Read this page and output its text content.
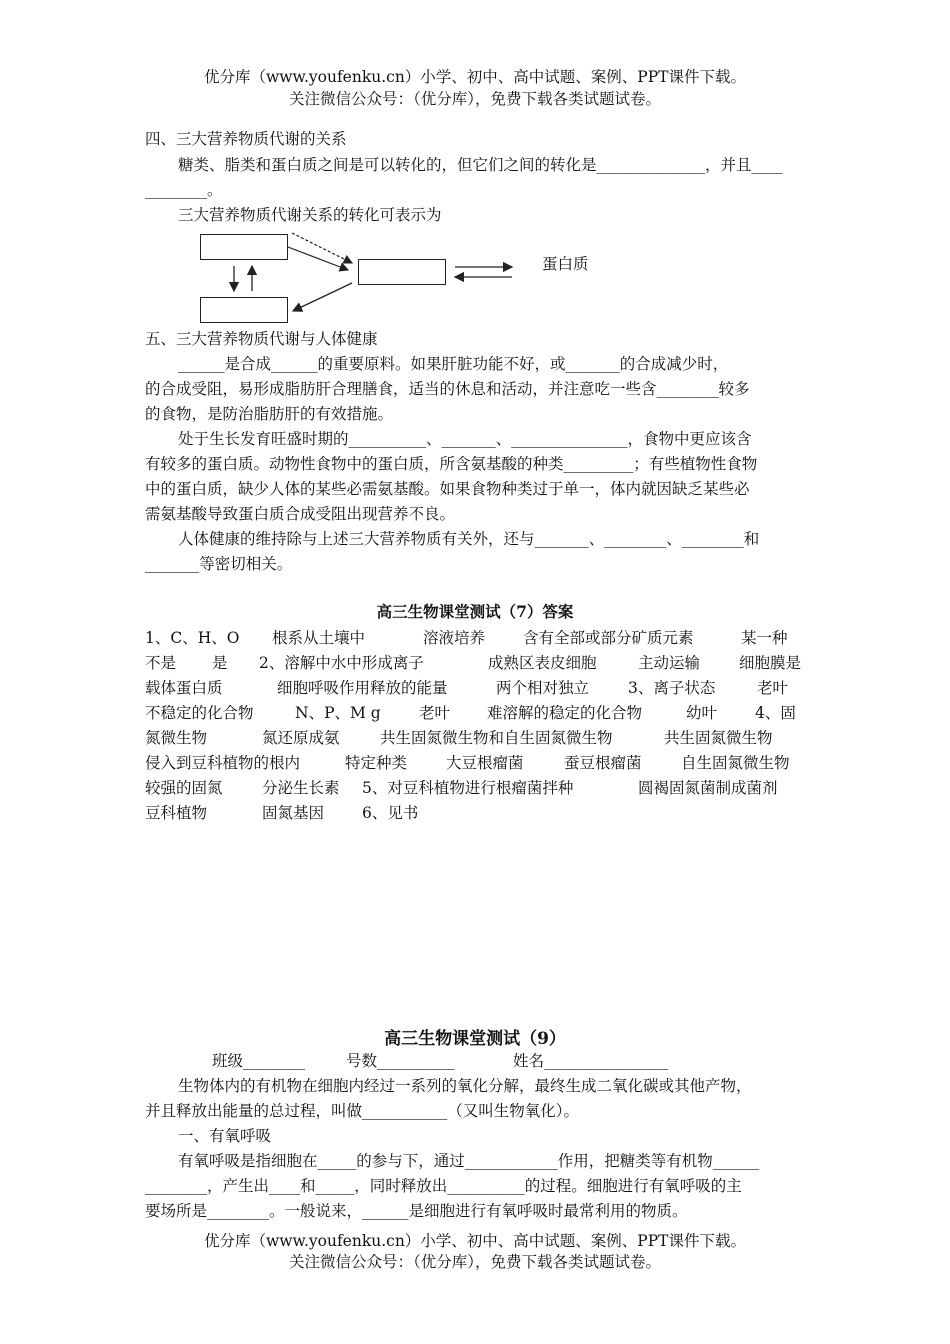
优分库（www.youfenku.cn）小学、初中、高中试题、案例、PPT课件下载。
关注微信公众号：（优分库），免费下载各类试题试卷。
四、三大营养物质代谢的关系
糖类、脂类和蛋白质之间是可以转化的，但它们之间的转化是______________，并且____
________。
三大营养物质代谢关系的转化可表示为
蛋白质
五、三大营养物质代谢与人体健康
______是合成______的重要原料。如果肝脏功能不好，或_______的合成减少时，
的合成受阻，易形成脂肪肝合理膳食，适当的休息和活动，并注意吃一些含________较多
的食物，是防治脂肪肝的有效措施。
处于生长发育旺盛时期的__________、_______、_______________，食物中更应该含
有较多的蛋白质。动物性食物中的蛋白质，所含氨基酸的种类_________；有些植物性食物
中的蛋白质，缺少人体的某些必需氨基酸。如果食物种类过于单一，体内就因缺乏某些必
需氨基酸导致蛋白质合成受阻出现营养不良。
人体健康的维持除与上述三大营养物质有关外，还与_______、________、________和
_______等密切相关。
高三生物课堂测试（7）答案
1、C、H、O 根系从土壤中	溶液培养 含有全部或部分矿质元素	某一种
不是 是 2、溶解中水中形成离子	成熟区表皮细胞	主动运输	细胞膜是
载体蛋白质	细胞呼吸作用释放的能量	两个相对独立	3、离子状态	老叶
不稳定的化合物	N、P、M g 老叶 难溶解的稳定的化合物	幼叶 4、固
氮微生物	氮还原成氨	共生固氮微生物和自生固氮微生物	共生固氮微生物
侵入到豆科植物的根内	特定种类	大豆根瘤菌	蚕豆根瘤菌	自生固氮微生物
较强的固氮	分泌生长素 5、对豆科植物进行根瘤菌拌种	圆褐固氮菌制成菌剂
豆科植物	固氮基因 6、见书
高三生物课堂测试（9）
班级________	号数__________	姓名________________
生物体内的有机物在细胞内经过一系列的氧化分解，最终生成二氧化碳或其他产物，
并且释放出能量的总过程，叫做___________（又叫生物氧化）。
一、有氧呼吸
有氧呼吸是指细胞在_____的参与下，通过____________作用，把糖类等有机物______
________，产生出____和_____，同时释放出__________的过程。细胞进行有氧呼吸的主
要场所是________。一般说来，______是细胞进行有氧呼吸时最常利用的物质。
优分库（www.youfenku.cn）小学、初中、高中试题、案例、PPT课件下载。
关注微信公众号：（优分库），免费下载各类试题试卷。
